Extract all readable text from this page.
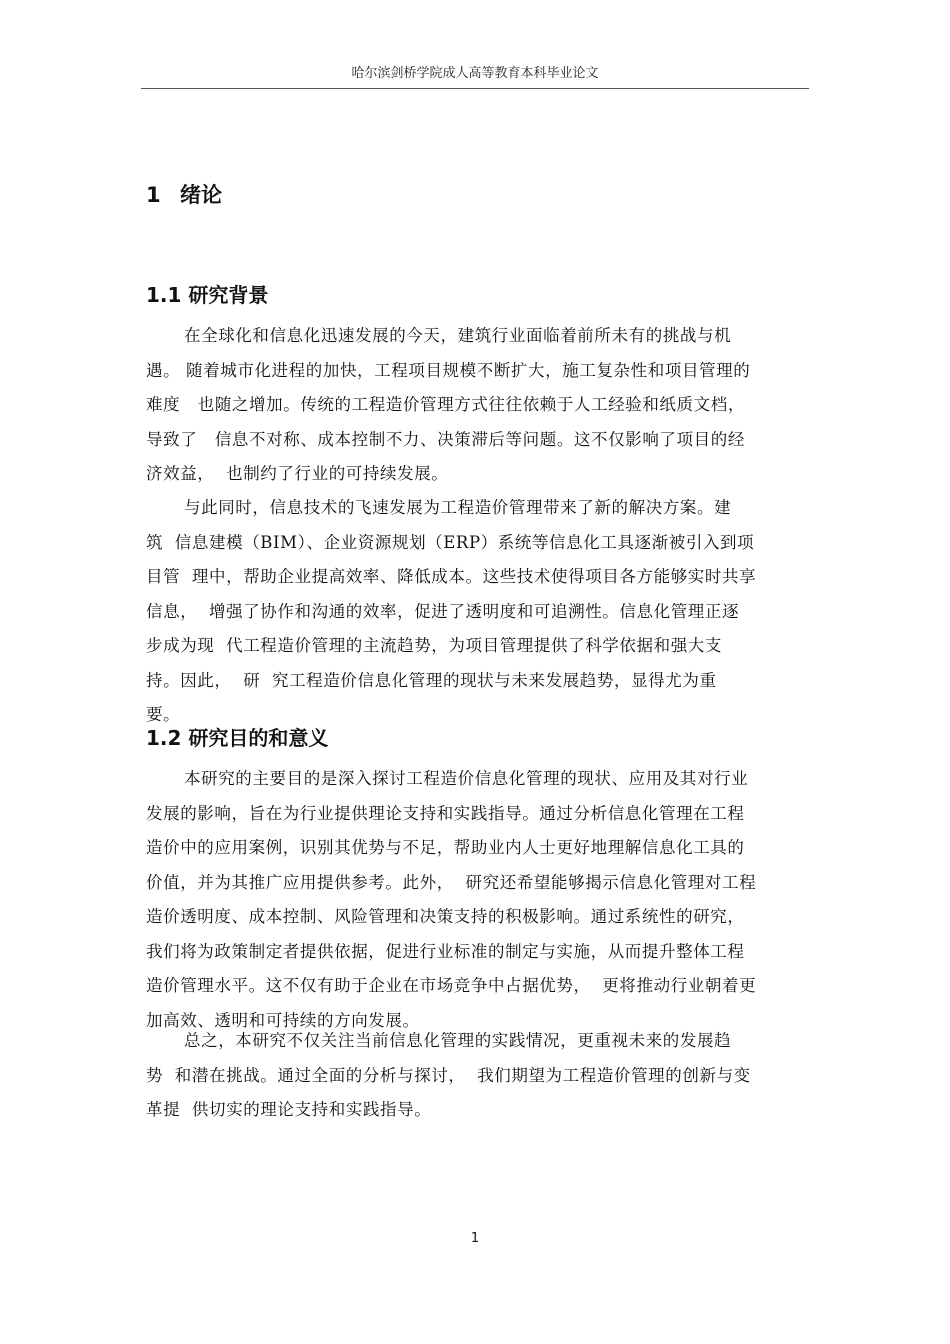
哈尔滨剑桥学院成人高等教育本科毕业论文
1 绪论
1.1 研究背景
在全球化和信息化迅速发展的今天，建筑行业面临着前所未有的挑战与机
遇。 随着城市化进程的加快，工程项目规模不断扩大，施工复杂性和项目管理的
难度   也随之增加。传统的工程造价管理方式往往依赖于人工经验和纸质文档，
导致了   信息不对称、成本控制不力、决策滞后等问题。这不仅影响了项目的经
济效益，  也制约了行业的可持续发展。
与此同时，信息技术的飞速发展为工程造价管理带来了新的解决方案。建
筑  信息建模（BIM）、企业资源规划（ERP）系统等信息化工具逐渐被引入到项
目管  理中，帮助企业提高效率、降低成本。这些技术使得项目各方能够实时共享
信息，  增强了协作和沟通的效率，促进了透明度和可追溯性。信息化管理正逐
步成为现  代工程造价管理的主流趋势，为项目管理提供了科学依据和强大支
持。因此，  研  究工程造价信息化管理的现状与未来发展趋势，显得尤为重
要。
1.2 研究目的和意义
本研究的主要目的是深入探讨工程造价信息化管理的现状、应用及其对行业
发展的影响，旨在为行业提供理论支持和实践指导。通过分析信息化管理在工程
造价中的应用案例，识别其优势与不足，帮助业内人士更好地理解信息化工具的
价值，并为其推广应用提供参考。此外，  研究还希望能够揭示信息化管理对工程
造价透明度、成本控制、风险管理和决策支持的积极影响。通过系统性的研究，
我们将为政策制定者提供依据，促进行业标准的制定与实施，从而提升整体工程
造价管理水平。这不仅有助于企业在市场竞争中占据优势，  更将推动行业朝着更
加高效、透明和可持续的方向发展。
总之，本研究不仅关注当前信息化管理的实践情况，更重视未来的发展趋
势  和潜在挑战。通过全面的分析与探讨，  我们期望为工程造价管理的创新与变
革提  供切实的理论支持和实践指导。
1
